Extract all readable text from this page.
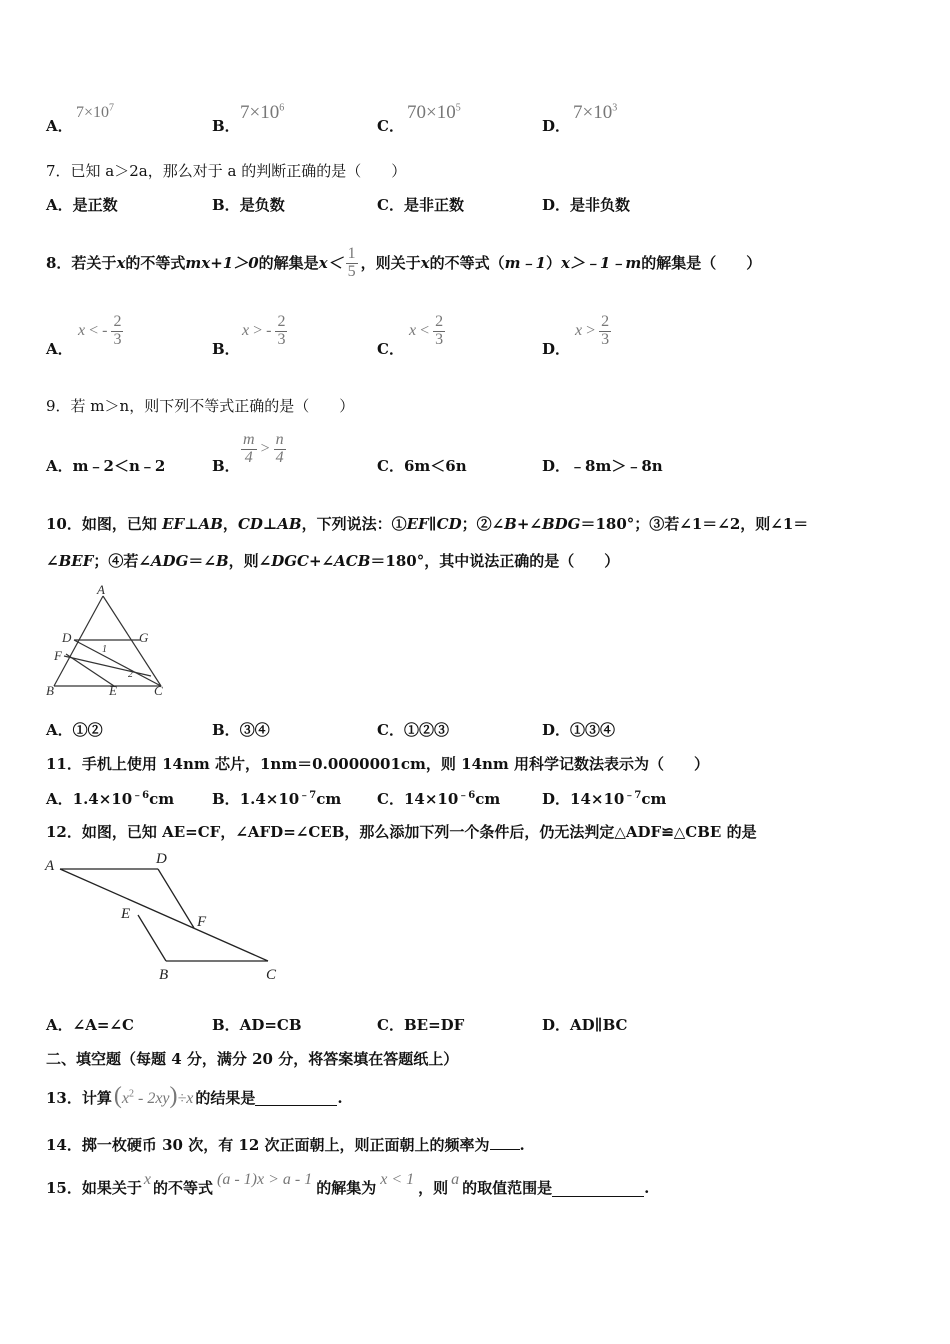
A．
$7\times 10^7$
B．
$7\times 10^6$
C．
$70\times 10^5$
D．
$7\times 10^3$
7．已知 a＞2a，那么对于 a 的判断正确的是（　　）
A．是正数	B．是负数	C．是非正数	D．是非负数
8．若关于 x 的不等式 mx+1＞0 的解集是 $x< \frac{1}{5}$ ，则关于 x 的不等式（ m﹣1 ） x＞﹣1﹣m 的解集是（　　）
A．
x
< -
$\frac{2}{3}$
B．
x
> -
$\frac{2}{3}$
C．
x
<
$\frac{2}{3}$
D．
x
>
$\frac{2}{3}$
9．若 m＞n，则下列不等式正确的是（　　）
A．m﹣2＜n﹣2	B． $\frac{m}{4} > \frac{n}{4}$	C．6m＜6n	D．﹣8m＞﹣8n
10．如图，已知 EF⊥AB，CD⊥AB，下列说法：①EF∥CD；②∠B+∠BDG＝180°；③若∠1＝∠2，则∠1＝
∠BEF；④若∠ADG＝∠B，则∠DGC+∠ACB＝180°，其中说法正确的是（　　）
A
D	G
F	1
2
B	E	C
A．①②	B．③④	C．①②③	D．①③④
11．手机上使用 14nm 芯片，1nm＝0.0000001cm，则 14nm 用科学记数法表示为（　　）
A．$1.4\times 10^{﹣6}cm$	B．$1.4\times 10^{﹣7}cm$ C．$14\times 10^{﹣6}cm$	D．$14\times 10^{﹣7}cm$
12．如图，已知 AE=CF，∠AFD=∠CEB，那么添加下列一个条件后，仍无法判定△ADF≌△CBE 的是
A	D
E	F
B	C
A．∠A=∠C	B．AD=CB	C．BE=DF	D．AD∥BC
二、填空题（每题 4 分，满分 20 分，将答案填在答题纸上）
13．计算 $(x^2 - 2xy)\div x$ 的结果是	.
14．掷一枚硬币 30 次，有 12 次正面朝上，则正面朝上的频率为 .
15．如果关于 x 的不等式 (a - 1)x > a - 1 的解集为 x < 1 ，则 a 的取值范围是	.
